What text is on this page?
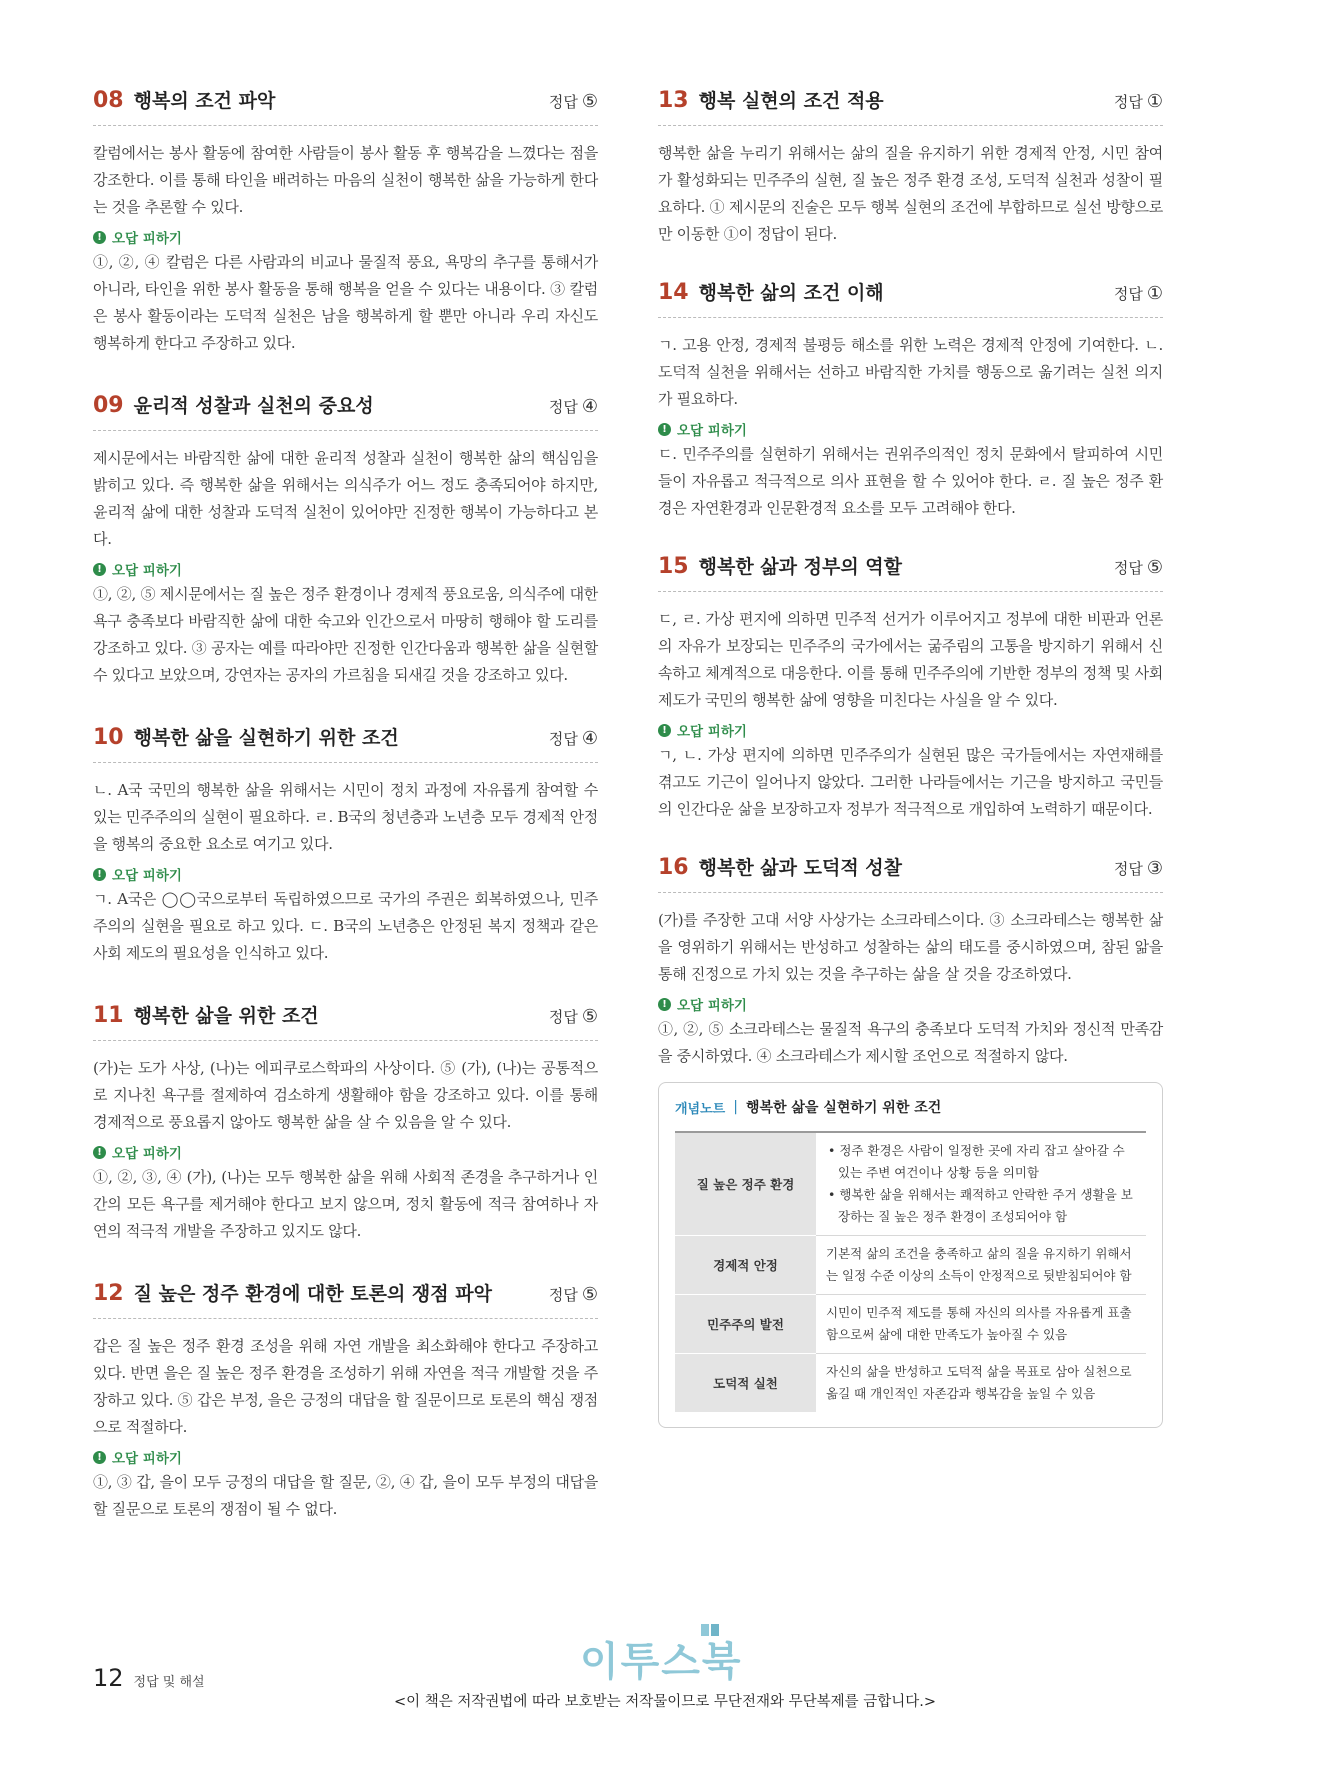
08 행복의 조건 파악	정답 ⑤

칼럼에서는 봉사 활동에 참여한 사람들이 봉사 활동 후 행복감을 느꼈다는 점을 강조한다. 이를 통해 타인을 배려하는 마음의 실천이 행복한 삶을 가능하게 한다는 것을 추론할 수 있다.

! 오답 피하기

①, ②, ④ 칼럼은 다른 사람과의 비교나 물질적 풍요, 욕망의 추구를 통해서가 아니라, 타인을 위한 봉사 활동을 통해 행복을 얻을 수 있다는 내용이다. ③ 칼럼은 봉사 활동이라는 도덕적 실천은 남을 행복하게 할 뿐만 아니라 우리 자신도 행복하게 한다고 주장하고 있다.

09 윤리적 성찰과 실천의 중요성	정답 ④

제시문에서는 바람직한 삶에 대한 윤리적 성찰과 실천이 행복한 삶의 핵심임을 밝히고 있다. 즉 행복한 삶을 위해서는 의식주가 어느 정도 충족되어야 하지만, 윤리적 삶에 대한 성찰과 도덕적 실천이 있어야만 진정한 행복이 가능하다고 본다.

! 오답 피하기

①, ②, ⑤ 제시문에서는 질 높은 정주 환경이나 경제적 풍요로움, 의식주에 대한 욕구 충족보다 바람직한 삶에 대한 숙고와 인간으로서 마땅히 행해야 할 도리를 강조하고 있다. ③ 공자는 예를 따라야만 진정한 인간다움과 행복한 삶을 실현할 수 있다고 보았으며, 강연자는 공자의 가르침을 되새길 것을 강조하고 있다.

10 행복한 삶을 실현하기 위한 조건	정답 ④

ㄴ. A국 국민의 행복한 삶을 위해서는 시민이 정치 과정에 자유롭게 참여할 수 있는 민주주의의 실현이 필요하다. ㄹ. B국의 청년층과 노년층 모두 경제적 안정을 행복의 중요한 요소로 여기고 있다.

! 오답 피하기

ㄱ. A국은 ◯◯국으로부터 독립하였으므로 국가의 주권은 회복하였으나, 민주주의의 실현을 필요로 하고 있다. ㄷ. B국의 노년층은 안정된 복지 정책과 같은 사회 제도의 필요성을 인식하고 있다.

11 행복한 삶을 위한 조건	정답 ⑤

(가)는 도가 사상, (나)는 에피쿠로스학파의 사상이다. ⑤ (가), (나)는 공통적으로 지나친 욕구를 절제하여 검소하게 생활해야 함을 강조하고 있다. 이를 통해 경제적으로 풍요롭지 않아도 행복한 삶을 살 수 있음을 알 수 있다.

! 오답 피하기

①, ②, ③, ④ (가), (나)는 모두 행복한 삶을 위해 사회적 존경을 추구하거나 인간의 모든 욕구를 제거해야 한다고 보지 않으며, 정치 활동에 적극 참여하나 자연의 적극적 개발을 주장하고 있지도 않다.

12 질 높은 정주 환경에 대한 토론의 쟁점 파악	정답 ⑤

갑은 질 높은 정주 환경 조성을 위해 자연 개발을 최소화해야 한다고 주장하고 있다. 반면 을은 질 높은 정주 환경을 조성하기 위해 자연을 적극 개발할 것을 주장하고 있다. ⑤ 갑은 부정, 을은 긍정의 대답을 할 질문이므로 토론의 핵심 쟁점으로 적절하다.

! 오답 피하기

①, ③ 갑, 을이 모두 긍정의 대답을 할 질문, ②, ④ 갑, 을이 모두 부정의 대답을 할 질문으로 토론의 쟁점이 될 수 없다.

13 행복 실현의 조건 적용	정답 ①

행복한 삶을 누리기 위해서는 삶의 질을 유지하기 위한 경제적 안정, 시민 참여가 활성화되는 민주주의 실현, 질 높은 정주 환경 조성, 도덕적 실천과 성찰이 필요하다. ① 제시문의 진술은 모두 행복 실현의 조건에 부합하므로 실선 방향으로만 이동한 ①이 정답이 된다.

14 행복한 삶의 조건 이해	정답 ①

ㄱ. 고용 안정, 경제적 불평등 해소를 위한 노력은 경제적 안정에 기여한다. ㄴ. 도덕적 실천을 위해서는 선하고 바람직한 가치를 행동으로 옮기려는 실천 의지가 필요하다.

! 오답 피하기

ㄷ. 민주주의를 실현하기 위해서는 권위주의적인 정치 문화에서 탈피하여 시민들이 자유롭고 적극적으로 의사 표현을 할 수 있어야 한다. ㄹ. 질 높은 정주 환경은 자연환경과 인문환경적 요소를 모두 고려해야 한다.

15 행복한 삶과 정부의 역할	정답 ⑤

ㄷ, ㄹ. 가상 편지에 의하면 민주적 선거가 이루어지고 정부에 대한 비판과 언론의 자유가 보장되는 민주주의 국가에서는 굶주림의 고통을 방지하기 위해서 신속하고 체계적으로 대응한다. 이를 통해 민주주의에 기반한 정부의 정책 및 사회 제도가 국민의 행복한 삶에 영향을 미친다는 사실을 알 수 있다.

! 오답 피하기

ㄱ, ㄴ. 가상 편지에 의하면 민주주의가 실현된 많은 국가들에서는 자연재해를 겪고도 기근이 일어나지 않았다. 그러한 나라들에서는 기근을 방지하고 국민들의 인간다운 삶을 보장하고자 정부가 적극적으로 개입하여 노력하기 때문이다.

16 행복한 삶과 도덕적 성찰	정답 ③

(가)를 주장한 고대 서양 사상가는 소크라테스이다. ③ 소크라테스는 행복한 삶을 영위하기 위해서는 반성하고 성찰하는 삶의 태도를 중시하였으며, 참된 앎을 통해 진정으로 가치 있는 것을 추구하는 삶을 살 것을 강조하였다.

! 오답 피하기

①, ②, ⑤ 소크라테스는 물질적 욕구의 충족보다 도덕적 가치와 정신적 만족감을 중시하였다. ④ 소크라테스가 제시할 조언으로 적절하지 않다.

개념노트 | 행복한 삶을 실현하기 위한 조건
질 높은 정주 환경	• 정주 환경은 사람이 일정한 곳에 자리 잡고 살아갈 수 있는 주변 여건이나 상황 등을 의미함
• 행복한 삶을 위해서는 쾌적하고 안락한 주거 생활을 보장하는 질 높은 정주 환경이 조성되어야 함

경제적 안정	기본적 삶의 조건을 충족하고 삶의 질을 유지하기 위해서는 일정 수준 이상의 소득이 안정적으로 뒷받침되어야 함
민주주의 발전	시민이 민주적 제도를 통해 자신의 의사를 자유롭게 표출함으로써 삶에 대한 만족도가 높아질 수 있음
도덕적 실천	자신의 삶을 반성하고 도덕적 삶을 목표로 삼아 실천으로 옮길 때 개인적인 자존감과 행복감을 높일 수 있음
12 정답 및 해설	이투스북
<이 책은 저작권법에 따라 보호받는 저작물이므로 무단전재와 무단복제를 금합니다.>
